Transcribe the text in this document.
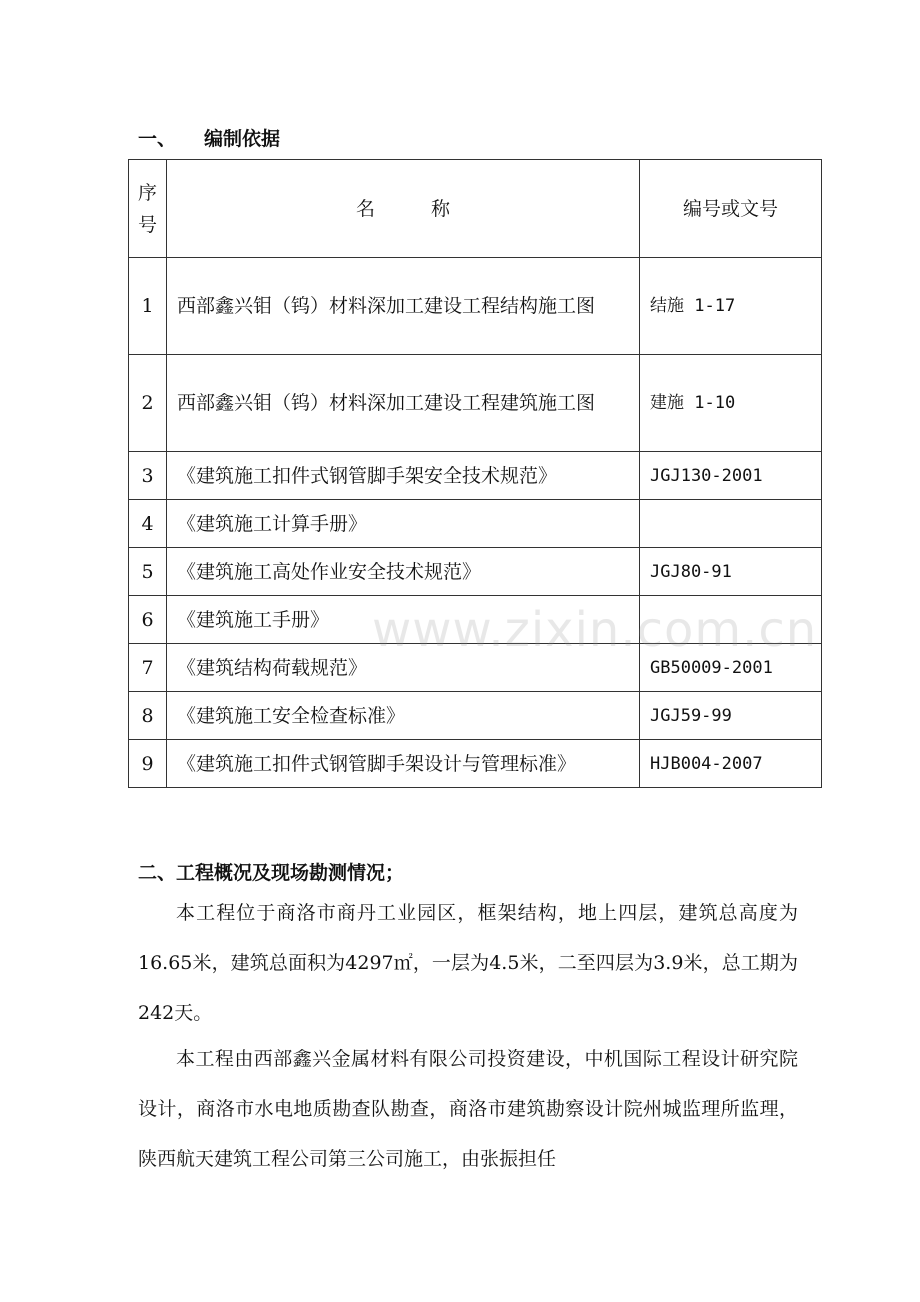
一、 编制依据
序号	名称	编号或文号
1	西部鑫兴钼（钨）材料深加工建设工程结构施工图	结施 1-17
2	西部鑫兴钼（钨）材料深加工建设工程建筑施工图	建施 1-10
3	《建筑施工扣件式钢管脚手架安全技术规范》	JGJ130-2001
4	《建筑施工计算手册》	
5	《建筑施工高处作业安全技术规范》	JGJ80-91
6	《建筑施工手册》	
7	《建筑结构荷载规范》	GB50009-2001
8	《建筑施工安全检查标准》	JGJ59-99
9	《建筑施工扣件式钢管脚手架设计与管理标准》	HJB004-2007
www.zixin.com.cn
二、工程概况及现场勘测情况；

本工程位于商洛市商丹工业园区，框架结构，地上四层，建筑总高度为16.65米，建筑总面积为4297㎡，一层为4.5米，二至四层为3.9米，总工期为242天。

本工程由西部鑫兴金属材料有限公司投资建设，中机国际工程设计研究院设计，商洛市水电地质勘查队勘查，商洛市建筑勘察设计院州城监理所监理，陕西航天建筑工程公司第三公司施工，由张振担任
